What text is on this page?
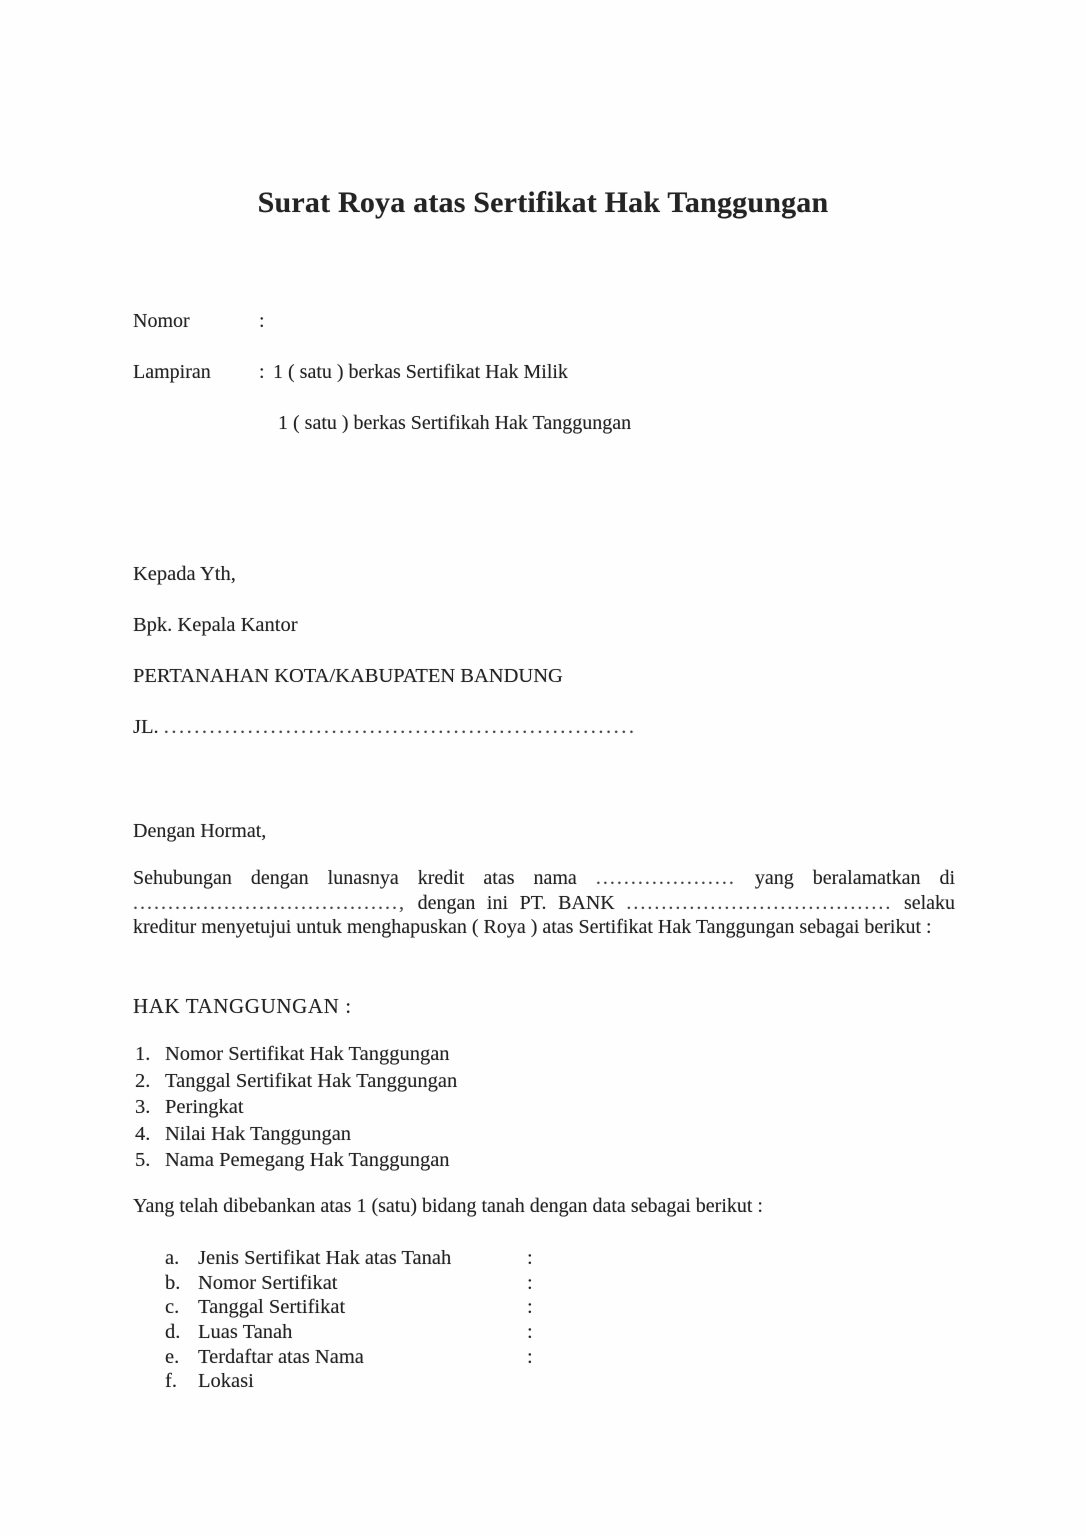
Surat Roya atas Sertifikat Hak Tanggungan
Nomor	:
Lampiran : 1 ( satu ) berkas Sertifikat Hak Milik
1 ( satu ) berkas Sertifikah Hak Tanggungan
Kepada Yth,
Bpk. Kepala Kantor
PERTANAHAN KOTA/KABUPATEN BANDUNG
JL. ..............................................................
Dengan Hormat,

Sehubungan dengan lunasnya kredit atas nama .................... yang beralamatkan di ......................................, dengan ini PT. BANK ...................................... selaku kreditur menyetujui untuk menghapuskan ( Roya ) atas Sertifikat Hak Tanggungan sebagai berikut :

HAK TANGGUNGAN :
1. Nomor Sertifikat Hak Tanggungan
2. Tanggal Sertifikat Hak Tanggungan
3. Peringkat
4. Nilai Hak Tanggungan
5. Nama Pemegang Hak Tanggungan

Yang telah dibebankan atas 1 (satu) bidang tanah dengan data sebagai berikut :

a. Jenis Sertifikat Hak atas Tanah	:
b. Nomor Sertifikat	:
c. Tanggal Sertifikat	:
d. Luas Tanah	:
e. Terdaftar atas Nama	:
f. Lokasi
